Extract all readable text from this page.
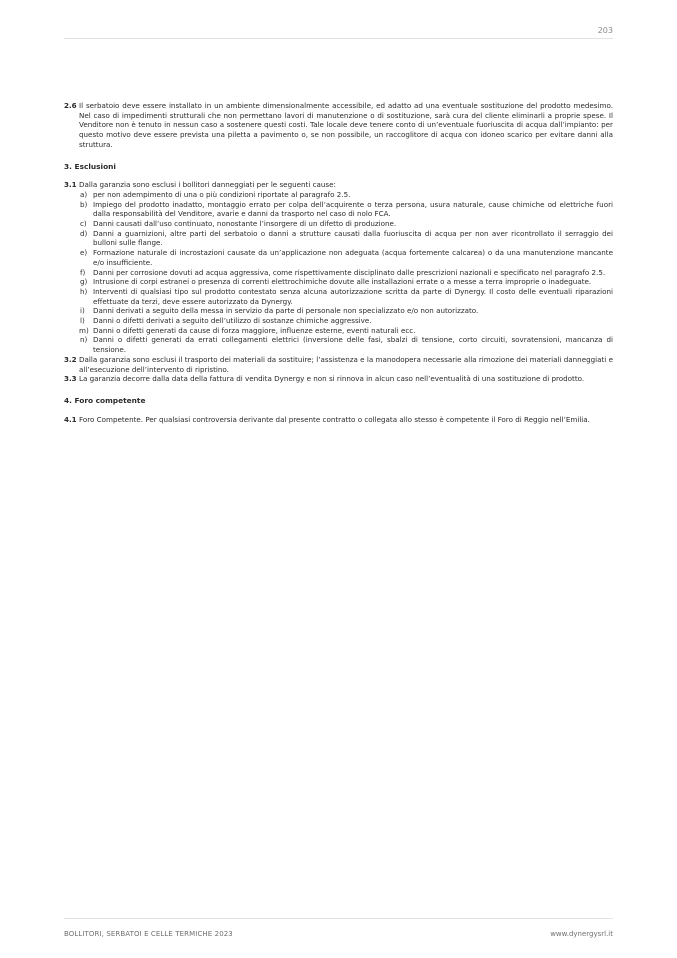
203
2.6 Il serbatoio deve essere installato in un ambiente dimensionalmente accessibile, ed adatto ad una eventuale sostituzione del prodotto medesimo. Nel caso di impedimenti strutturali che non permettano lavori di manutenzione o di sostituzione, sarà cura del cliente eliminarli a proprie spese. Il Venditore non è tenuto in nessun caso a sostenere questi costi. Tale locale deve tenere conto di un’eventuale fuoriuscita di acqua dall’impianto: per questo motivo deve essere prevista una piletta a pavimento o, se non possibile, un raccoglitore di acqua con idoneo scarico per evitare danni alla struttura.
3. Esclusioni
3.1 Dalla garanzia sono esclusi i bollitori danneggiati per le seguenti cause:
a) per non adempimento di una o più condizioni riportate al paragrafo 2.5.
b) Impiego del prodotto inadatto, montaggio errato per colpa dell’acquirente o terza persona, usura naturale, cause chimiche od elettriche fuori dalla responsabilità del Venditore, avarie e danni da trasporto nel caso di nolo FCA.
c) Danni causati dall’uso continuato, nonostante l’insorgere di un difetto di produzione.
d) Danni a guarnizioni, altre parti del serbatoio o danni a strutture causati dalla fuoriuscita di acqua per non aver ricontrollato il serraggio dei bulloni sulle flange.
e) Formazione naturale di incrostazioni causate da un’applicazione non adeguata (acqua fortemente calcarea) o da una manutenzione mancante e/o insufficiente.
f) Danni per corrosione dovuti ad acqua aggressiva, come rispettivamente disciplinato dalle prescrizioni nazionali e specificato nel paragrafo 2.5.
g) Intrusione di corpi estranei o presenza di correnti elettrochimiche dovute alle installazioni errate o a messe a terra improprie o inadeguate.
h) Interventi di qualsiasi tipo sul prodotto contestato senza alcuna autorizzazione scritta da parte di Dynergy. Il costo delle eventuali riparazioni effettuate da terzi, deve essere autorizzato da Dynergy.
i) Danni derivati a seguito della messa in servizio da parte di personale non specializzato e/o non autorizzato.
l) Danni o difetti derivati a seguito dell’utilizzo di sostanze chimiche aggressive.
m) Danni o difetti generati da cause di forza maggiore, influenze esterne, eventi naturali ecc.
n) Danni o difetti generati da errati collegamenti elettrici (inversione delle fasi, sbalzi di tensione, corto circuiti, sovratensioni, mancanza di tensione.
3.2 Dalla garanzia sono esclusi il trasporto dei materiali da sostituire; l’assistenza e la manodopera necessarie alla rimozione dei materiali danneggiati e all’esecuzione dell’intervento di ripristino.
3.3 La garanzia decorre dalla data della fattura di vendita Dynergy e non si rinnova in alcun caso nell’eventualità di una sostituzione di prodotto.
4. Foro competente
4.1 Foro Competente. Per qualsiasi controversia derivante dal presente contratto o collegata allo stesso è competente il Foro di Reggio nell’Emilia.
BOLLITORI, SERBATOI E CELLE TERMICHE 2023	www.dynergysrl.it
